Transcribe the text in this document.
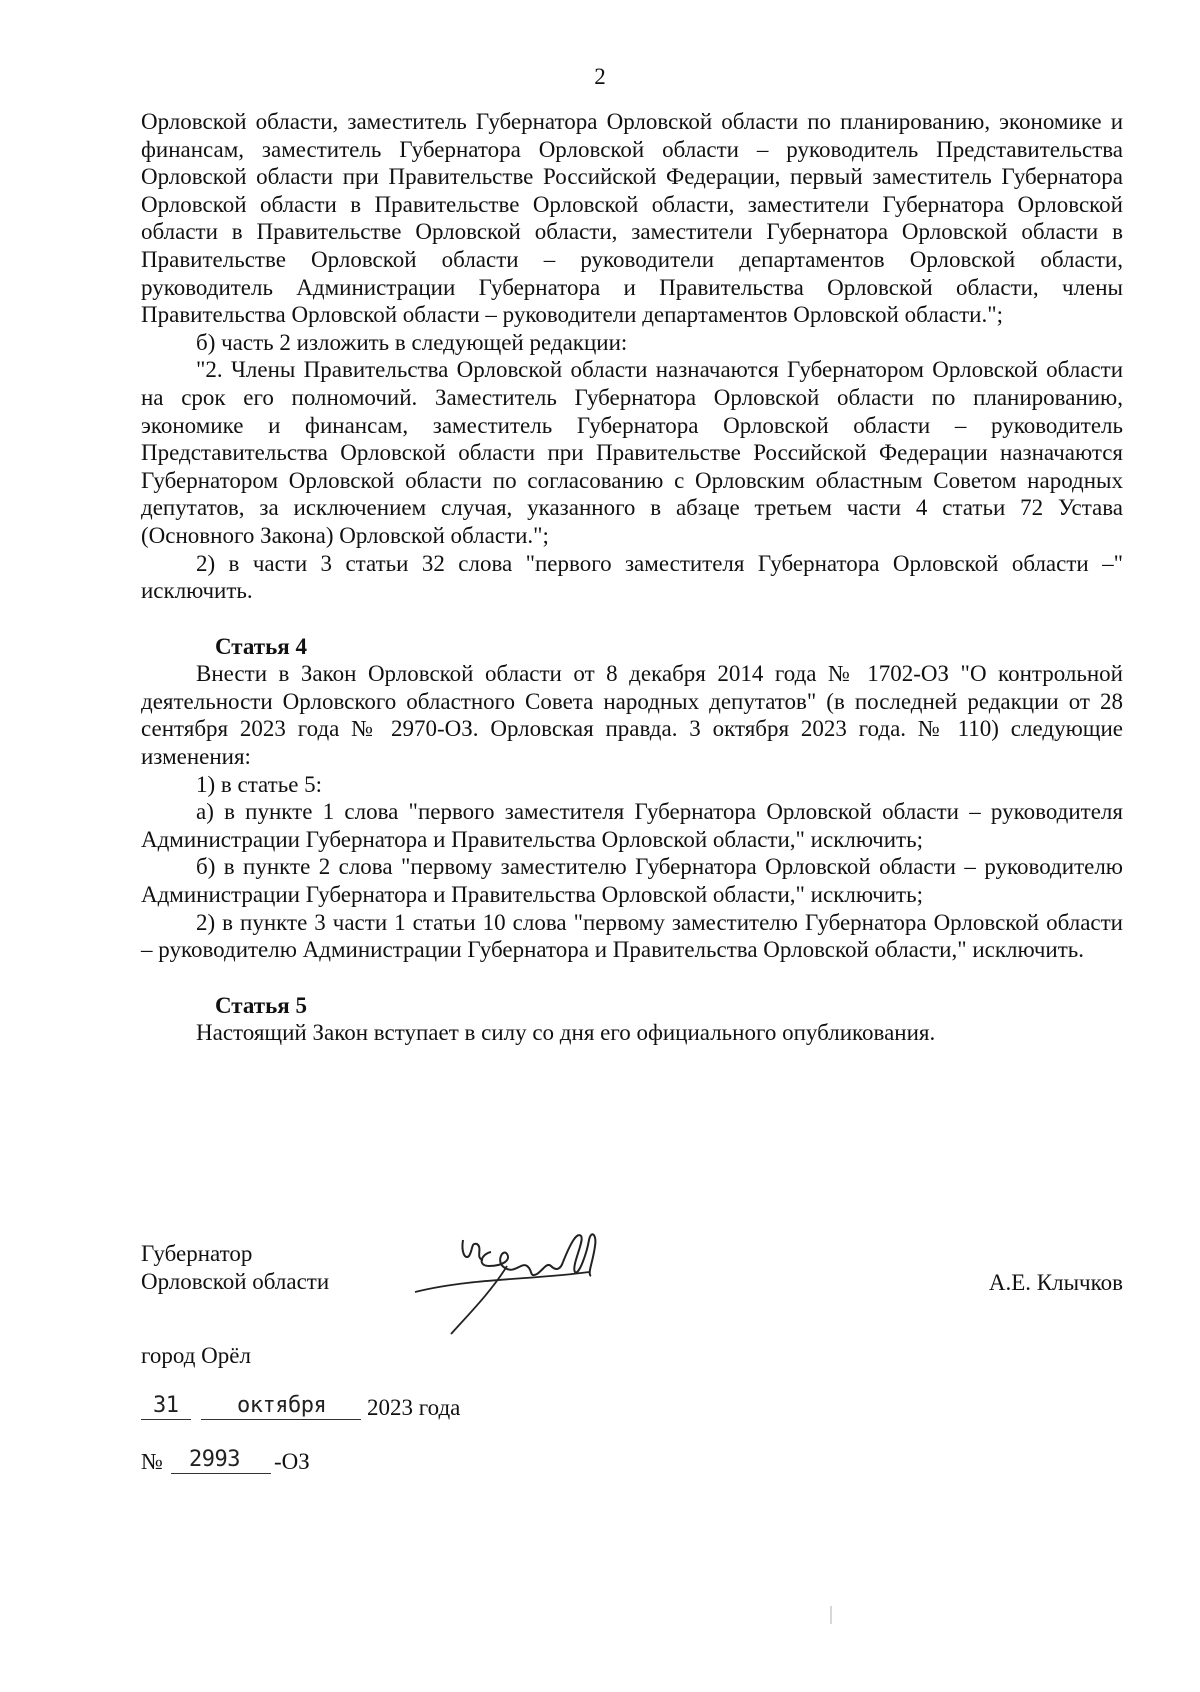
2

Орловской области, заместитель Губернатора Орловской области по планированию, экономике и финансам, заместитель Губернатора Орловской области – руководитель Представительства Орловской области при Правительстве Российской Федерации, первый заместитель Губернатора Орловской области в Правительстве Орловской области, заместители Губернатора Орловской области в Правительстве Орловской области, заместители Губернатора Орловской области в Правительстве Орловской области – руководители департаментов Орловской области, руководитель Администрации Губернатора и Правительства Орловской области, члены Правительства Орловской области – руководители департаментов Орловской области.";

б) часть 2 изложить в следующей редакции:

"2. Члены Правительства Орловской области назначаются Губернатором Орловской области на срок его полномочий. Заместитель Губернатора Орловской области по планированию, экономике и финансам, заместитель Губернатора Орловской области – руководитель Представительства Орловской области при Правительстве Российской Федерации назначаются Губернатором Орловской области по согласованию с Орловским областным Советом народных депутатов, за исключением случая, указанного в абзаце третьем части 4 статьи 72 Устава (Основного Закона) Орловской области.";

2) в части 3 статьи 32 слова "первого заместителя Губернатора Орловской области –" исключить.

Статья 4

Внести в Закон Орловской области от 8 декабря 2014 года № 1702-ОЗ "О контрольной деятельности Орловского областного Совета народных депутатов" (в последней редакции от 28 сентября 2023 года № 2970-ОЗ. Орловская правда. 3 октября 2023 года. № 110) следующие изменения:

1) в статье 5:

а) в пункте 1 слова "первого заместителя Губернатора Орловской области – руководителя Администрации Губернатора и Правительства Орловской области," исключить;

б) в пункте 2 слова "первому заместителю Губернатора Орловской области – руководителю Администрации Губернатора и Правительства Орловской области," исключить;

2) в пункте 3 части 1 статьи 10 слова "первому заместителю Губернатора Орловской области – руководителю Администрации Губернатора и Правительства Орловской области," исключить.

Статья 5

Настоящий Закон вступает в силу со дня его официального опубликования.

Губернатор
Орловской области	А.Е. Клычков
город Орёл
31	октября 2023 года
№ 2993 -ОЗ
